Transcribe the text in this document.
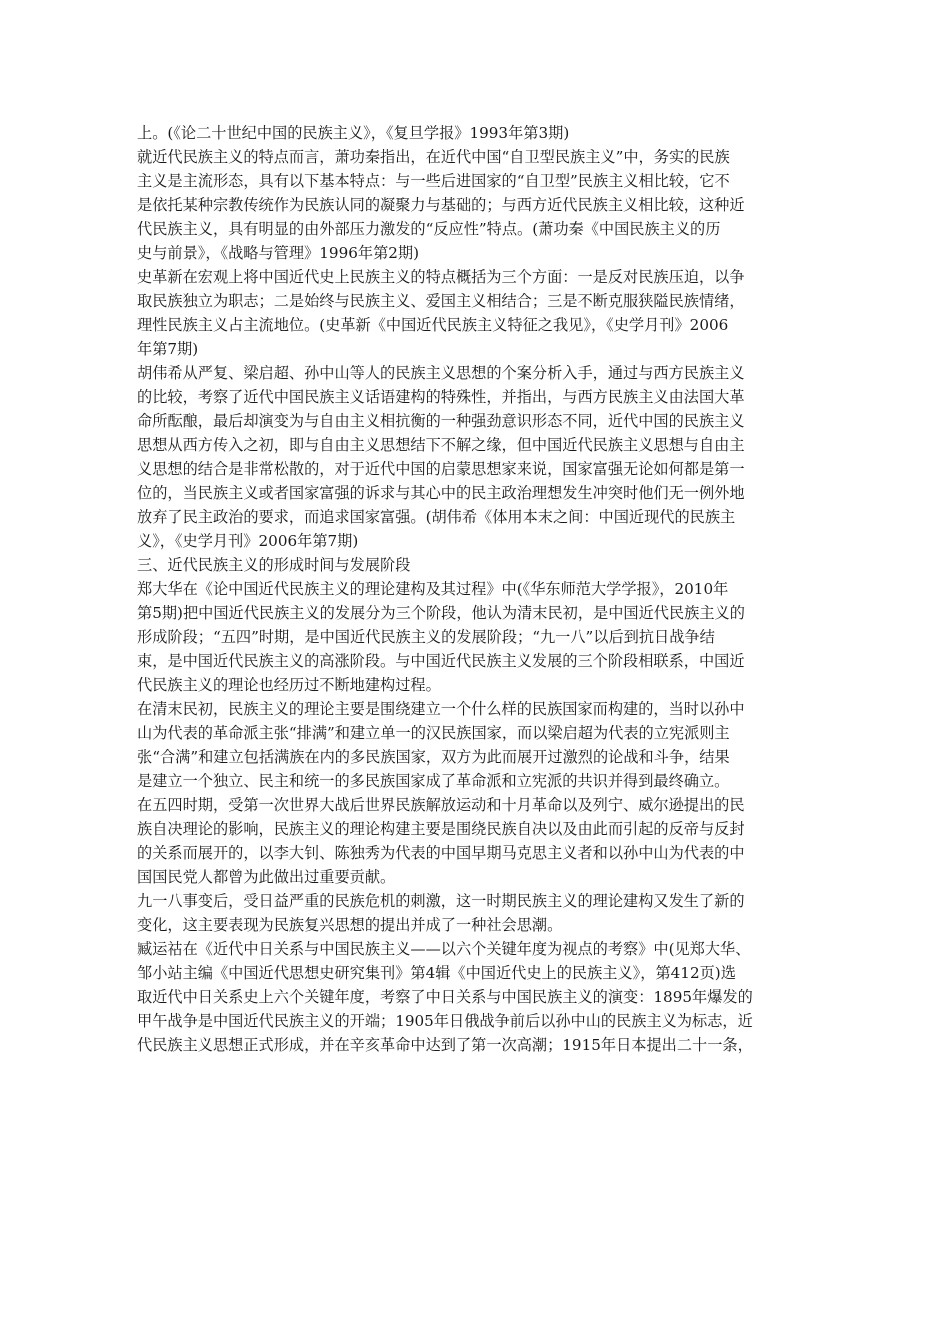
上。(《论二十世纪中国的民族主义》，《复旦学报》1993年第3期)
就近代民族主义的特点而言，萧功秦指出，在近代中国“自卫型民族主义”中，务实的民族
主义是主流形态，具有以下基本特点：与一些后进国家的“自卫型”民族主义相比较，它不
是依托某种宗教传统作为民族认同的凝聚力与基础的；与西方近代民族主义相比较，这种近
代民族主义，具有明显的由外部压力激发的“反应性”特点。(萧功秦《中国民族主义的历
史与前景》，《战略与管理》1996年第2期)
史革新在宏观上将中国近代史上民族主义的特点概括为三个方面：一是反对民族压迫，以争
取民族独立为职志；二是始终与民族主义、爱国主义相结合；三是不断克服狭隘民族情绪，
理性民族主义占主流地位。(史革新《中国近代民族主义特征之我见》，《史学月刊》2006
年第7期)
胡伟希从严复、梁启超、孙中山等人的民族主义思想的个案分析入手，通过与西方民族主义
的比较，考察了近代中国民族主义话语建构的特殊性，并指出，与西方民族主义由法国大革
命所酝酿，最后却演变为与自由主义相抗衡的一种强劲意识形态不同，近代中国的民族主义
思想从西方传入之初，即与自由主义思想结下不解之缘，但中国近代民族主义思想与自由主
义思想的结合是非常松散的，对于近代中国的启蒙思想家来说，国家富强无论如何都是第一
位的，当民族主义或者国家富强的诉求与其心中的民主政治理想发生冲突时他们无一例外地
放弃了民主政治的要求，而追求国家富强。(胡伟希《体用本末之间：中国近现代的民族主
义》，《史学月刊》2006年第7期)
三、近代民族主义的形成时间与发展阶段
郑大华在《论中国近代民族主义的理论建构及其过程》中(《华东师范大学学报》，2010年
第5期)把中国近代民族主义的发展分为三个阶段，他认为清末民初，是中国近代民族主义的
形成阶段；“五四”时期，是中国近代民族主义的发展阶段；“九一八”以后到抗日战争结
束，是中国近代民族主义的高涨阶段。与中国近代民族主义发展的三个阶段相联系，中国近
代民族主义的理论也经历过不断地建构过程。
在清末民初，民族主义的理论主要是围绕建立一个什么样的民族国家而构建的，当时以孙中
山为代表的革命派主张“排满”和建立单一的汉民族国家，而以梁启超为代表的立宪派则主
张“合满”和建立包括满族在内的多民族国家，双方为此而展开过激烈的论战和斗争，结果
是建立一个独立、民主和统一的多民族国家成了革命派和立宪派的共识并得到最终确立。
在五四时期，受第一次世界大战后世界民族解放运动和十月革命以及列宁、威尔逊提出的民
族自决理论的影响，民族主义的理论构建主要是围绕民族自决以及由此而引起的反帝与反封
的关系而展开的，以李大钊、陈独秀为代表的中国早期马克思主义者和以孙中山为代表的中
国国民党人都曾为此做出过重要贡献。
九一八事变后，受日益严重的民族危机的刺激，这一时期民族主义的理论建构又发生了新的
变化，这主要表现为民族复兴思想的提出并成了一种社会思潮。
臧运祜在《近代中日关系与中国民族主义——以六个关键年度为视点的考察》中(见郑大华、
邹小站主编《中国近代思想史研究集刊》第4辑《中国近代史上的民族主义》，第412页)选
取近代中日关系史上六个关键年度，考察了中日关系与中国民族主义的演变：1895年爆发的
甲午战争是中国近代民族主义的开端；1905年日俄战争前后以孙中山的民族主义为标志，近
代民族主义思想正式形成，并在辛亥革命中达到了第一次高潮；1915年日本提出二十一条，
